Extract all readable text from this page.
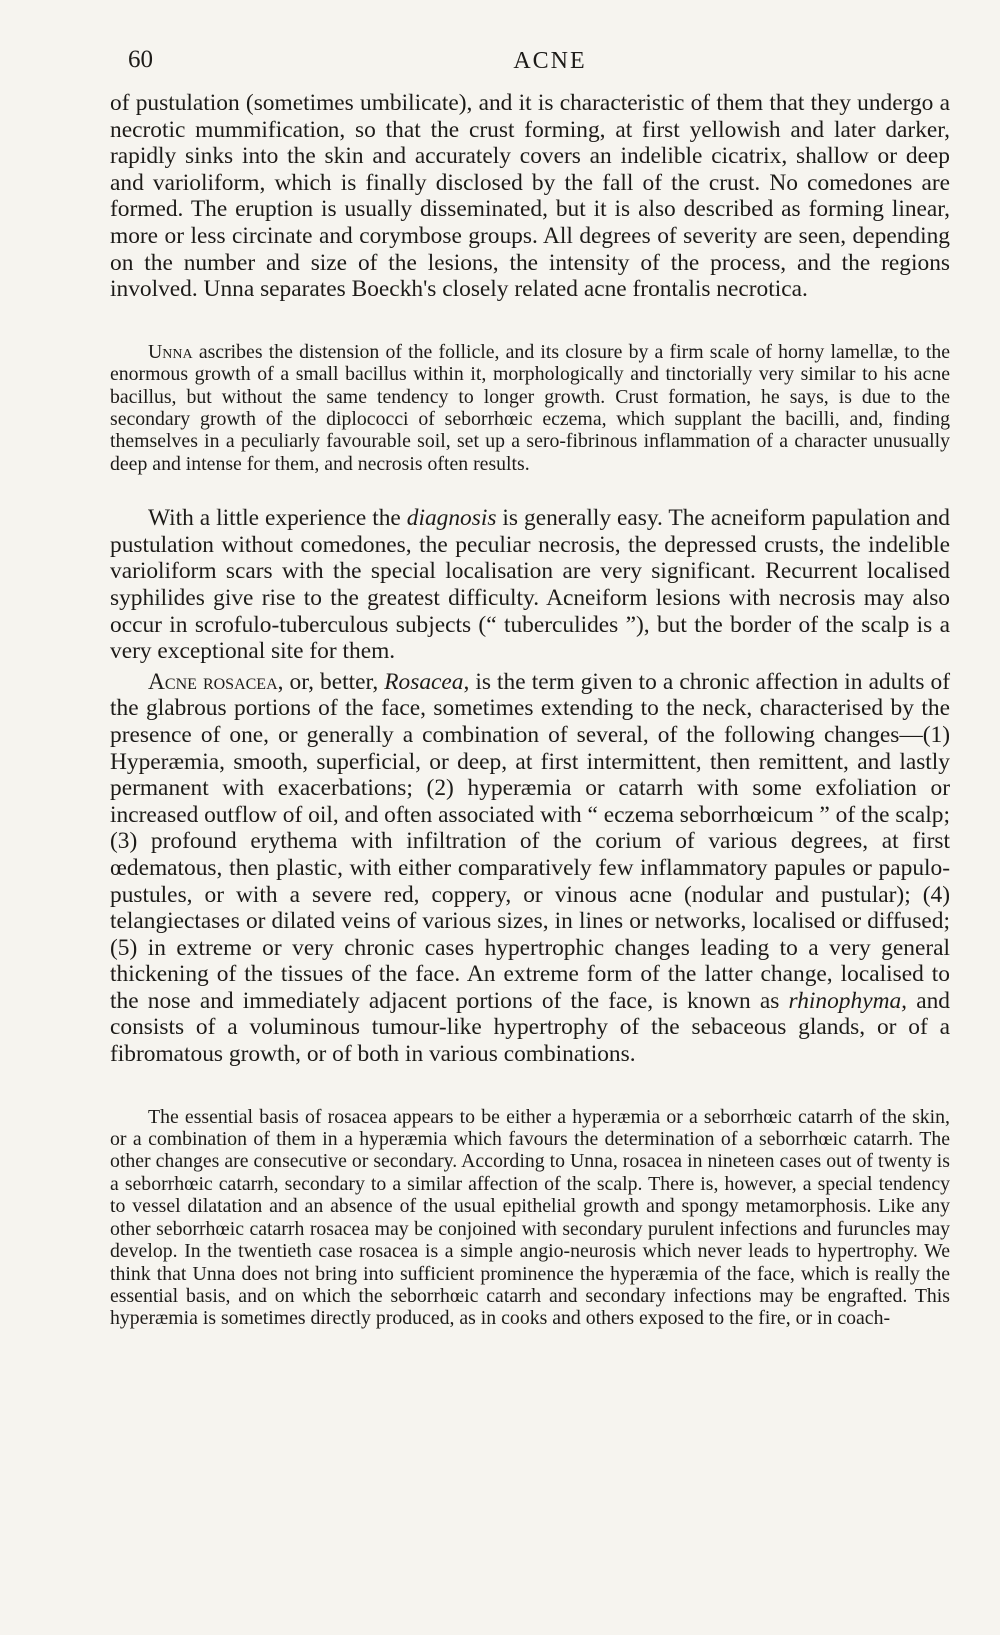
60	ACNE

of pustulation (sometimes umbilicate), and it is characteristic of them that they undergo a necrotic mummification, so that the crust forming, at first yellowish and later darker, rapidly sinks into the skin and accurately covers an indelible cicatrix, shallow or deep and varioliform, which is finally disclosed by the fall of the crust. No comedones are formed. The eruption is usually disseminated, but it is also described as forming linear, more or less circinate and corymbose groups. All degrees of severity are seen, depending on the number and size of the lesions, the intensity of the process, and the regions involved. Unna separates Boeckh's closely related acne frontalis necrotica.

Unna ascribes the distension of the follicle, and its closure by a firm scale of horny lamellæ, to the enormous growth of a small bacillus within it, morphologically and tinctorially very similar to his acne bacillus, but without the same tendency to longer growth. Crust formation, he says, is due to the secondary growth of the diplococci of seborrhœic eczema, which supplant the bacilli, and, finding themselves in a peculiarly favourable soil, set up a sero-fibrinous inflammation of a character unusually deep and intense for them, and necrosis often results.

With a little experience the diagnosis is generally easy. The acneiform papulation and pustulation without comedones, the peculiar necrosis, the depressed crusts, the indelible varioliform scars with the special localisation are very significant. Recurrent localised syphilides give rise to the greatest difficulty. Acneiform lesions with necrosis may also occur in scrofulo-tuberculous subjects (“ tuberculides ”), but the border of the scalp is a very exceptional site for them.

Acne rosacea, or, better, Rosacea, is the term given to a chronic affection in adults of the glabrous portions of the face, sometimes extending to the neck, characterised by the presence of one, or generally a combination of several, of the following changes—(1) Hyperæmia, smooth, superficial, or deep, at first intermittent, then remittent, and lastly permanent with exacerbations; (2) hyperæmia or catarrh with some exfoliation or increased outflow of oil, and often associated with “ eczema seborrhœicum ” of the scalp; (3) profound erythema with infiltration of the corium of various degrees, at first œdematous, then plastic, with either comparatively few inflammatory papules or papulo-pustules, or with a severe red, coppery, or vinous acne (nodular and pustular); (4) telangiectases or dilated veins of various sizes, in lines or networks, localised or diffused; (5) in extreme or very chronic cases hypertrophic changes leading to a very general thickening of the tissues of the face. An extreme form of the latter change, localised to the nose and immediately adjacent portions of the face, is known as rhinophyma, and consists of a voluminous tumour-like hypertrophy of the sebaceous glands, or of a fibromatous growth, or of both in various combinations.

The essential basis of rosacea appears to be either a hyperæmia or a seborrhœic catarrh of the skin, or a combination of them in a hyperæmia which favours the determination of a seborrhœic catarrh. The other changes are consecutive or secondary. According to Unna, rosacea in nineteen cases out of twenty is a seborrhœic catarrh, secondary to a similar affection of the scalp. There is, however, a special tendency to vessel dilatation and an absence of the usual epithelial growth and spongy metamorphosis. Like any other seborrhœic catarrh rosacea may be conjoined with secondary purulent infections and furuncles may develop. In the twentieth case rosacea is a simple angio-neurosis which never leads to hypertrophy. We think that Unna does not bring into sufficient prominence the hyperæmia of the face, which is really the essential basis, and on which the seborrhœic catarrh and secondary infections may be engrafted. This hyperæmia is sometimes directly produced, as in cooks and others exposed to the fire, or in coach-
